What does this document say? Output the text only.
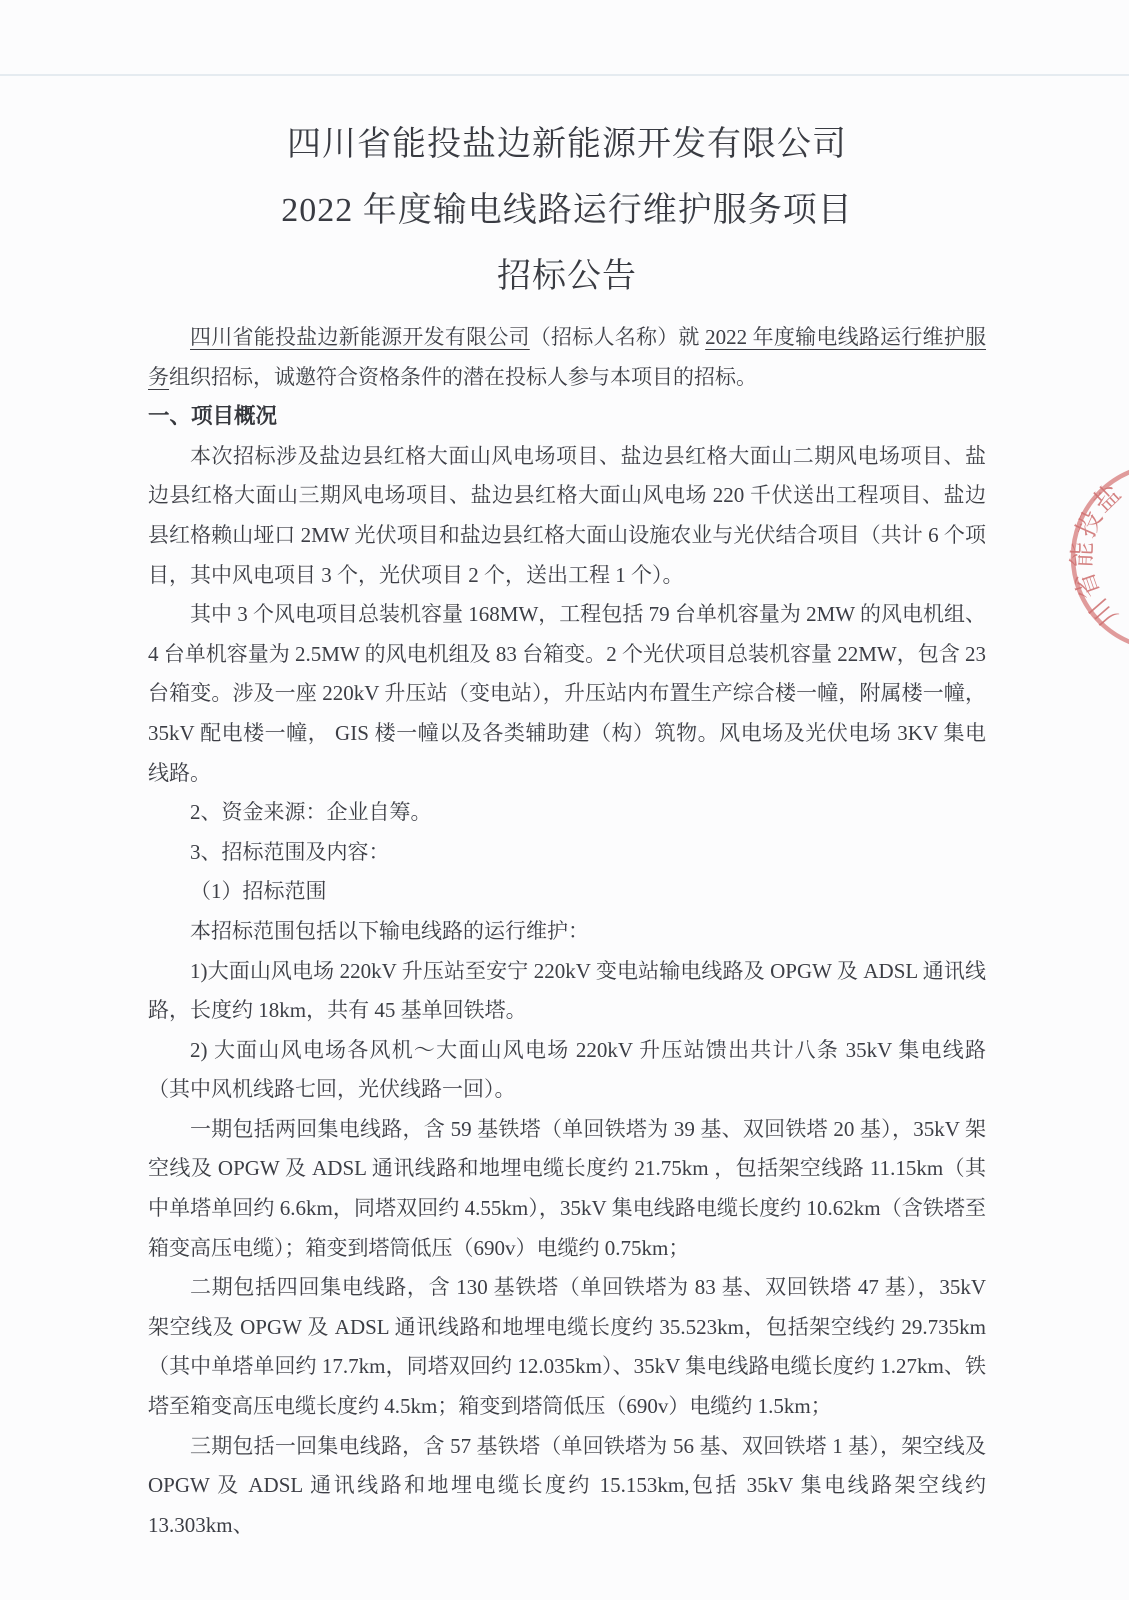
四川省能投盐边新能源开发有限公司
2022 年度输电线路运行维护服务项目
招标公告

四川省能投盐边新能源开发有限公司（招标人名称）就 2022 年度输电线路运行维护服务组织招标，诚邀符合资格条件的潜在投标人参与本项目的招标。

一、项目概况

本次招标涉及盐边县红格大面山风电场项目、盐边县红格大面山二期风电场项目、盐边县红格大面山三期风电场项目、盐边县红格大面山风电场 220 千伏送出工程项目、盐边县红格赖山垭口 2MW 光伏项目和盐边县红格大面山设施农业与光伏结合项目（共计 6 个项目，其中风电项目 3 个，光伏项目 2 个，送出工程 1 个）。

其中 3 个风电项目总装机容量 168MW，工程包括 79 台单机容量为 2MW 的风电机组、4 台单机容量为 2.5MW 的风电机组及 83 台箱变。2 个光伏项目总装机容量 22MW，包含 23 台箱变。涉及一座 220kV 升压站（变电站），升压站内布置生产综合楼一幢，附属楼一幢，35kV 配电楼一幢， GIS 楼一幢以及各类辅助建（构）筑物。风电场及光伏电场 3KV 集电线路。

2、资金来源：企业自筹。

3、招标范围及内容：

（1）招标范围

本招标范围包括以下输电线路的运行维护：

1)大面山风电场 220kV 升压站至安宁 220kV 变电站输电线路及 OPGW 及 ADSL 通讯线路，长度约 18km，共有 45 基单回铁塔。

2) 大面山风电场各风机～大面山风电场 220kV 升压站馈出共计八条 35kV 集电线路（其中风机线路七回，光伏线路一回）。

一期包括两回集电线路，含 59 基铁塔（单回铁塔为 39 基、双回铁塔 20 基），35kV 架空线及 OPGW 及 ADSL 通讯线路和地埋电缆长度约 21.75km ，包括架空线路 11.15km（其中单塔单回约 6.6km，同塔双回约 4.55km），35kV 集电线路电缆长度约 10.62km（含铁塔至箱变高压电缆）；箱变到塔筒低压（690v）电缆约 0.75km；

二期包括四回集电线路，含 130 基铁塔（单回铁塔为 83 基、双回铁塔 47 基），35kV 架空线及 OPGW 及 ADSL 通讯线路和地埋电缆长度约 35.523km，包括架空线约 29.735km（其中单塔单回约 17.7km，同塔双回约 12.035km）、35kV 集电线路电缆长度约 1.27km、铁塔至箱变高压电缆长度约 4.5km；箱变到塔筒低压（690v）电缆约 1.5km；

三期包括一回集电线路，含 57 基铁塔（单回铁塔为 56 基、双回铁塔 1 基），架空线及 OPGW 及 ADSL 通讯线路和地埋电缆长度约 15.153km,包括 35kV 集电线路架空线约 13.303km、

川省能投盐
